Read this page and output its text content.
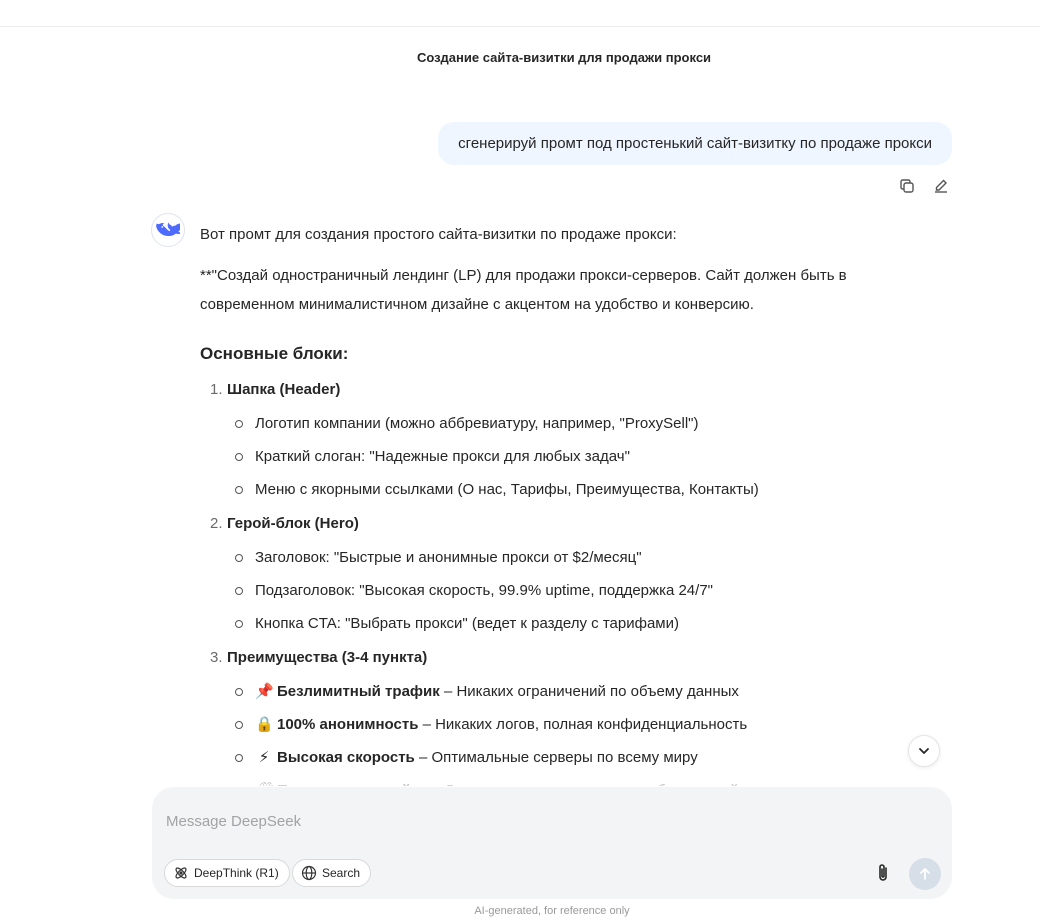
Создание сайта-визитки для продажи прокси
сгенерируй промт под простенький сайт-визитку по продаже прокси

Вот промт для создания простого сайта-визитки по продаже прокси:

**"Создай одностраничный лендинг (LP) для продажи прокси-серверов. Сайт должен быть в современном минималистичном дизайне с акцентом на удобство и конверсию.

Основные блоки:
1. Шапка (Header)
Логотип компании (можно аббревиатуру, например, "ProxySell")
Краткий слоган: "Надежные прокси для любых задач"
Меню с якорными ссылками (О нас, Тарифы, Преимущества, Контакты)
2. Герой-блок (Hero)
Заголовок: "Быстрые и анонимные прокси от $2/месяц"
Подзаголовок: "Высокая скорость, 99.9% uptime, поддержка 24/7"
Кнопка CTA: "Выбрать прокси" (ведет к разделу с тарифами)
3. Преимущества (3-4 пункта)
📌 Безлимитный трафик – Никаких ограничений по объему данных
🔒 100% анонимность – Никаких логов, полная конфиденциальность
⚡ Высокая скорость – Оптимальные серверы по всему миру
Message DeepSeek
DeepThink (R1)	Search
AI-generated, for reference only
